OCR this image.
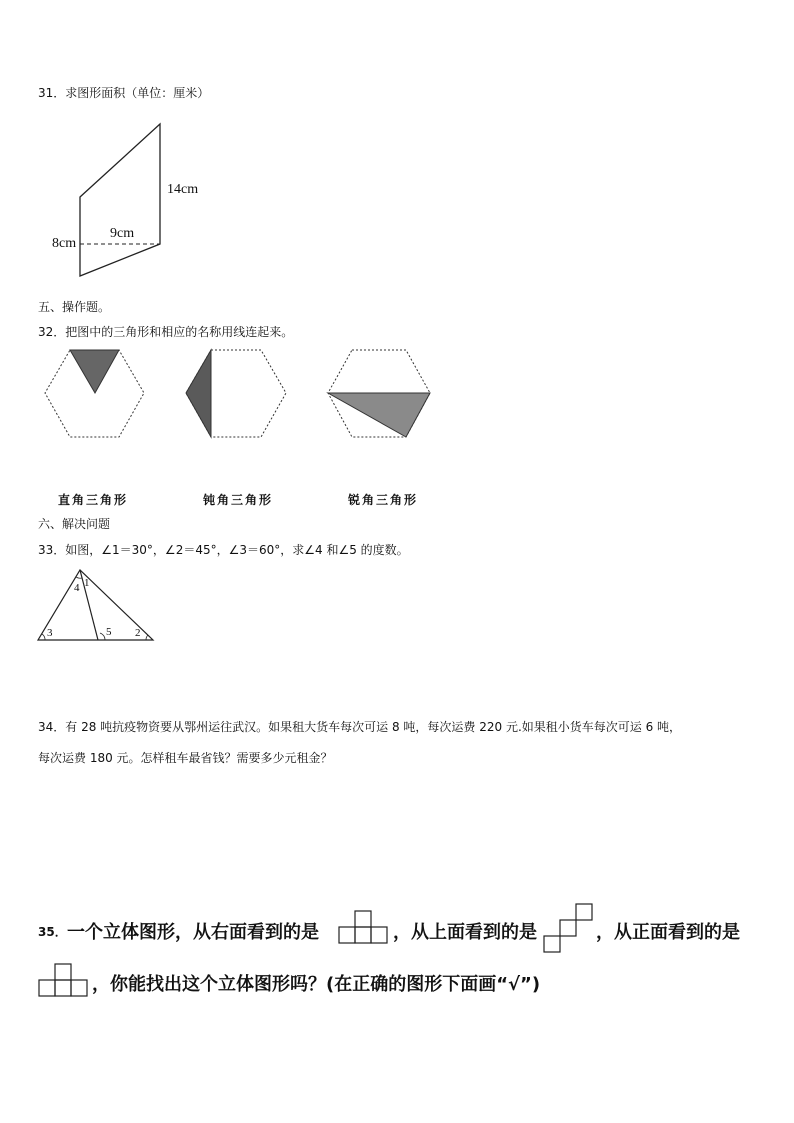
31．求图形面积（单位：厘米）
14cm
9cm
8cm
五、操作题。
32．把图中的三角形和相应的名称用线连起来。
直角三角形	钝角三角形	锐角三角形
六、解决问题
33．如图，∠1＝30°，∠2＝45°，∠3＝60°，求∠4 和∠5 的度数。
1
2
3
4
5
34．有 28 吨抗疫物资要从鄂州运往武汉。如果租大货车每次可运 8 吨，每次运费 220 元.如果租小货车每次可运 6 吨，
每次运费 180 元。怎样租车最省钱？需要多少元租金？
35． 一个立体图形，从右面看到的是	，从上面看到的是	，从正面看到的是
，你能找出这个立体图形吗？(在正确的图形下面画“√”)
